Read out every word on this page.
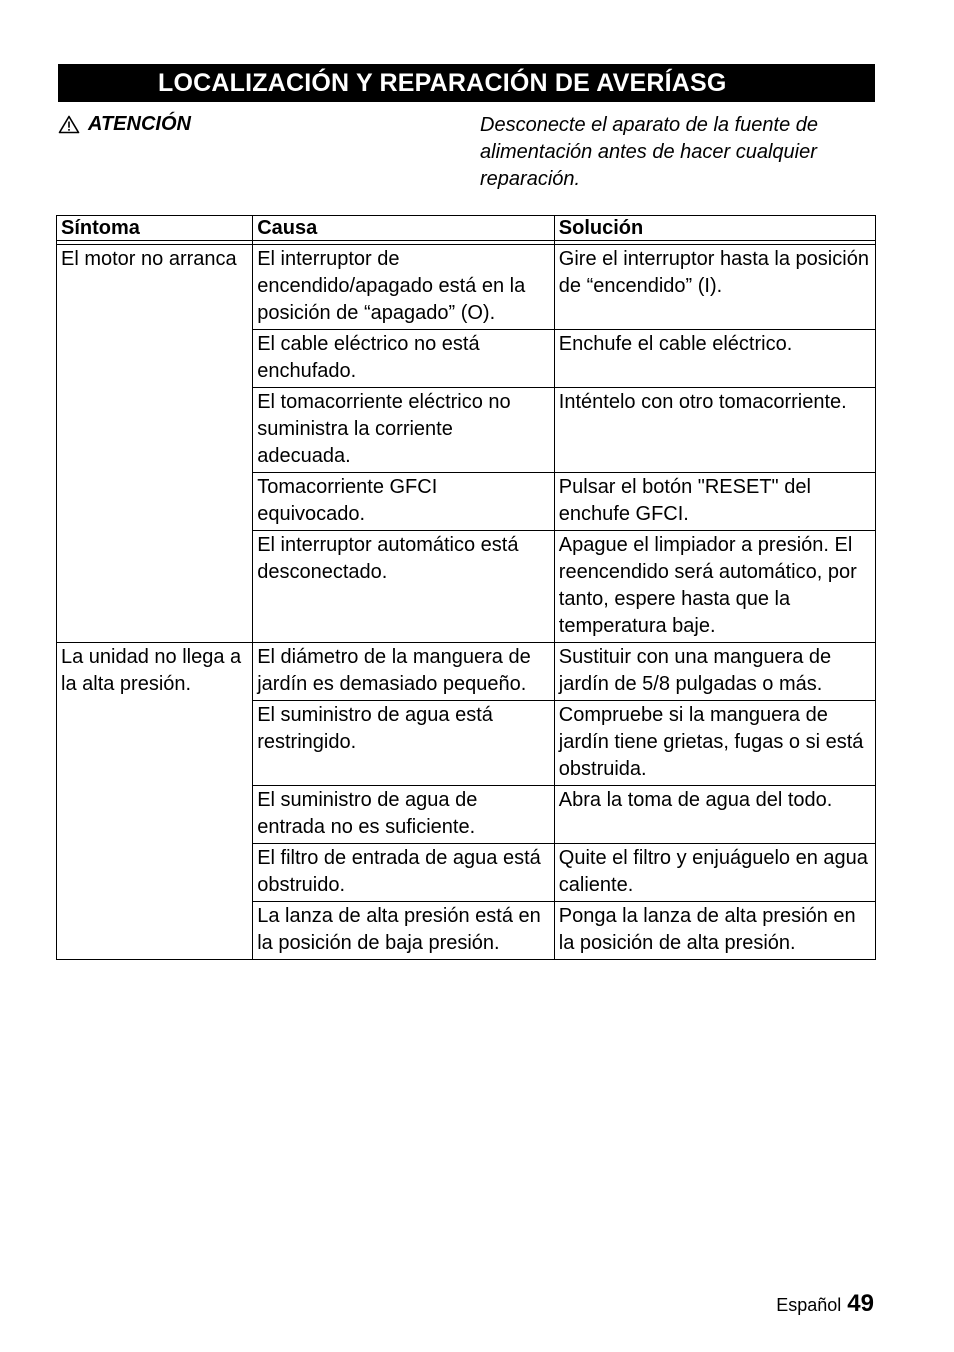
LOCALIZACIÓN Y REPARACIÓN DE AVERÍASG
ATENCIÓN	Desconecte el aparato de la fuente de alimentación antes de hacer cualquier reparación.
Síntoma	Causa	Solución

El motor no arranca	El interruptor de encendido/apagado está en la posición de “apagado” (O).	Gire el interruptor hasta la posición de “encendido” (I).
	El cable eléctrico no está enchufado.	Enchufe el cable eléctrico.
	El tomacorriente eléctrico no suministra la corriente adecuada.	Inténtelo con otro tomacorriente.
	Tomacorriente GFCI equivocado.	Pulsar el botón "RESET" del enchufe GFCI.
	El interruptor automático está desconectado.	Apague el limpiador a presión. El reencendido será automático, por tanto, espere hasta que la temperatura baje.
La unidad no llega a la alta presión.	El diámetro de la manguera de jardín es demasiado pequeño.	Sustituir con una manguera de jardín de 5/8 pulgadas o más.
	El suministro de agua está restringido.	Compruebe si la manguera de jardín tiene grietas, fugas o si está obstruida.
	El suministro de agua de entrada no es suficiente.	Abra la toma de agua del todo.
	El filtro de entrada de agua está obstruido.	Quite el filtro y enjuáguelo en agua caliente.
	La lanza de alta presión está en la posición de baja presión.	Ponga la lanza de alta presión en la posición de alta presión.
Español 49
